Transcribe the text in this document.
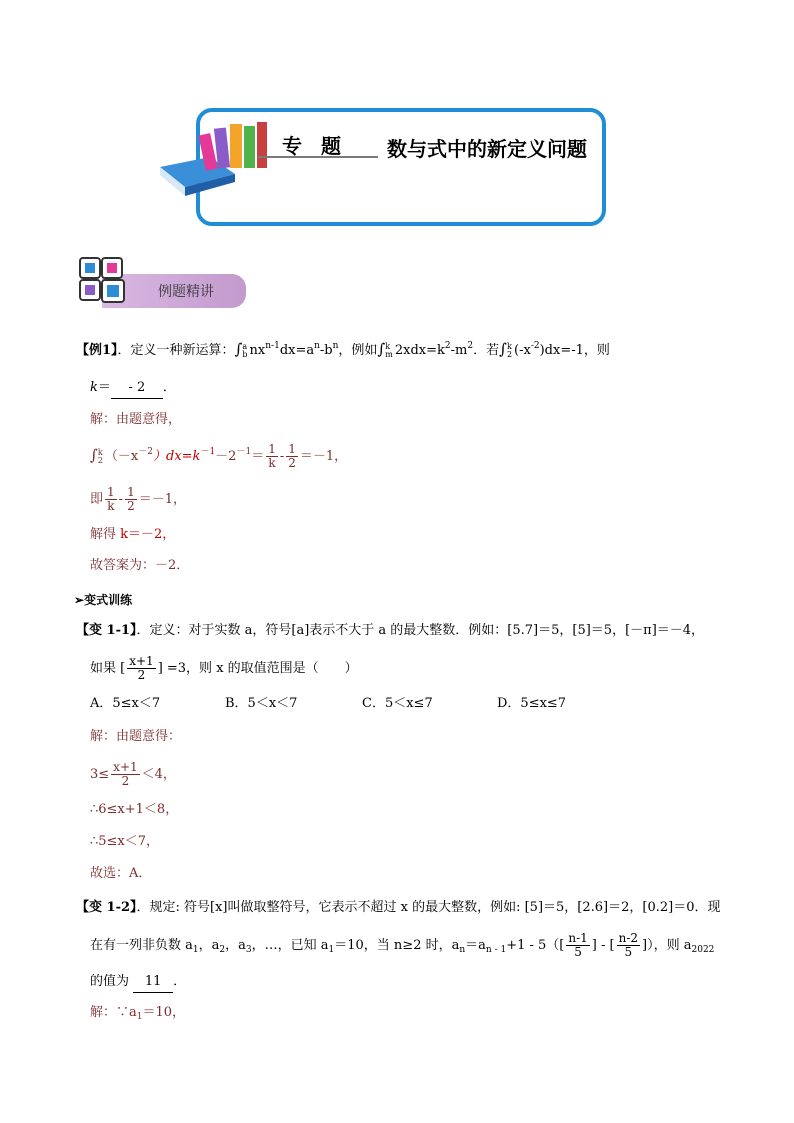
专 题 数与式中的新定义问题
例题精讲
【例1】．定义一种新运算：∫ a
b $nx^{n-1}dx=a^n-b^n$，例如∫ k
m $2xdx=k^2-m^2$．若∫ k
2 $(-x^{-2})dx=-1$，则
k＝ - 2 ．
解：由题意得，
∫ k
2 $(-x^{-2})dx=k^{-1}-2^{-1}= \frac{1}{k} - \frac{1}{2} =-1$，
即 $\frac{1}{k} - \frac{1}{2} =-1$，
解得 k＝－2，
故答案为：－2．
➢变式训练
【变 1-1】．定义：对于实数 a，符号[a]表示不大于 a 的最大整数．例如：[5.7]＝5，[5]＝5，[－π]＝－4，
如果 [ $\frac{x+1}{2}$ ] =3，则 x 的取值范围是（　　）
A．5≤x＜7	B．5＜x＜7	C．5＜x≤7	D．5≤x≤7
解：由题意得：
$3\le \frac{x+1}{2} <4$，
∴6≤x+1＜8，
∴5≤x＜7，
故选：A．
【变 1-2】．规定: 符号[x]叫做取整符号，它表示不超过 x 的最大整数，例如: [5]＝5，[2.6]＝2，[0.2]＝0．现
在有一列非负数 $a_1$，$a_2$，$a_3$，…，已知 $a_1=10$，当 n≥2 时，$a_n=a_{n - 1}+1 - 5([ \frac{n-1}{5}$ ] - [ $\frac{n-2}{5}$ ]），则 $a_{2022}$
的值为 11 ．
解：$\because a_1=10$，
